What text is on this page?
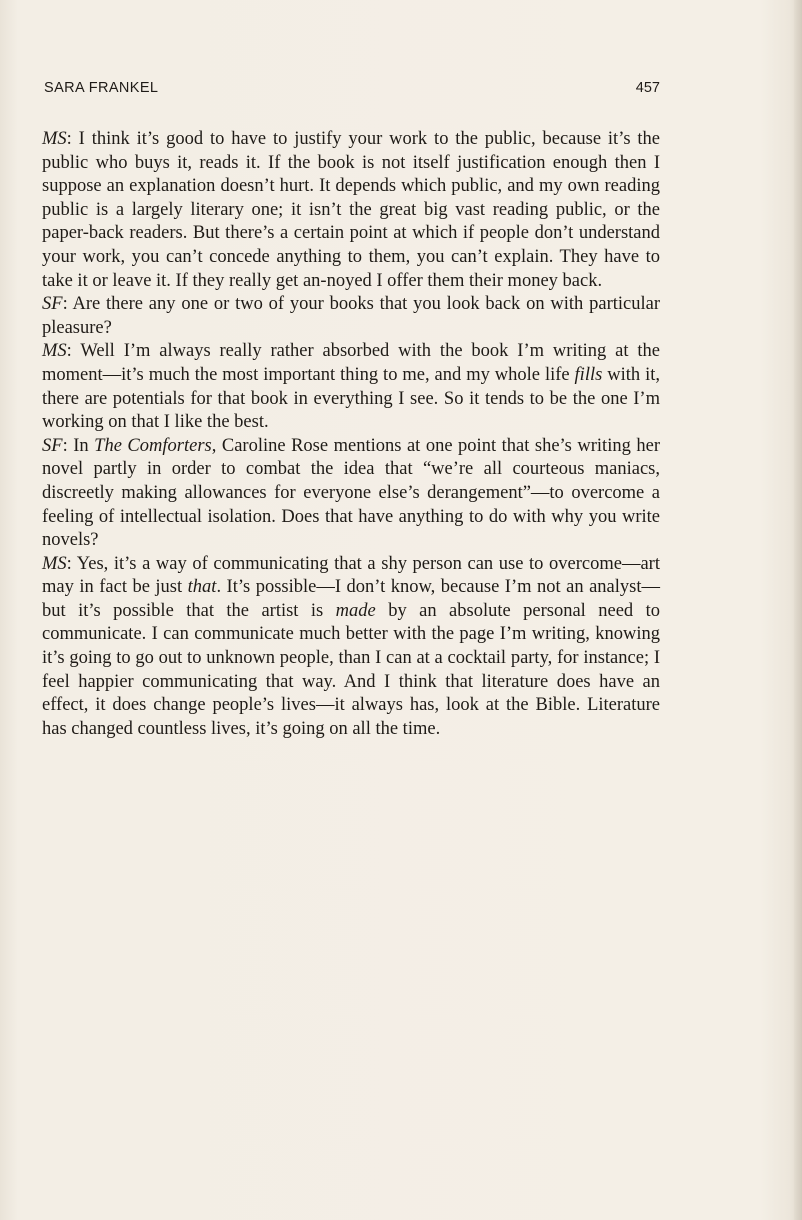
SARA FRANKEL	457

MS: I think it’s good to have to justify your work to the public, because it’s the public who buys it, reads it. If the book is not itself justification enough then I suppose an explanation doesn’t hurt. It depends which public, and my own reading public is a largely literary one; it isn’t the great big vast reading public, or the paper-back readers. But there’s a certain point at which if people don’t understand your work, you can’t concede anything to them, you can’t explain. They have to take it or leave it. If they really get an-noyed I offer them their money back.

SF: Are there any one or two of your books that you look back on with particular pleasure?

MS: Well I’m always really rather absorbed with the book I’m writing at the moment—it’s much the most important thing to me, and my whole life fills with it, there are potentials for that book in everything I see. So it tends to be the one I’m working on that I like the best.

SF: In The Comforters, Caroline Rose mentions at one point that she’s writing her novel partly in order to combat the idea that “we’re all courteous maniacs, discreetly making allowances for everyone else’s derangement”—to overcome a feeling of intellectual isolation. Does that have anything to do with why you write novels?

MS: Yes, it’s a way of communicating that a shy person can use to overcome—art may in fact be just that. It’s possible—I don’t know, because I’m not an analyst—but it’s possible that the artist is made by an absolute personal need to communicate. I can communicate much better with the page I’m writing, knowing it’s going to go out to unknown people, than I can at a cocktail party, for instance; I feel happier communicating that way. And I think that literature does have an effect, it does change people’s lives—it always has, look at the Bible. Literature has changed countless lives, it’s going on all the time.
